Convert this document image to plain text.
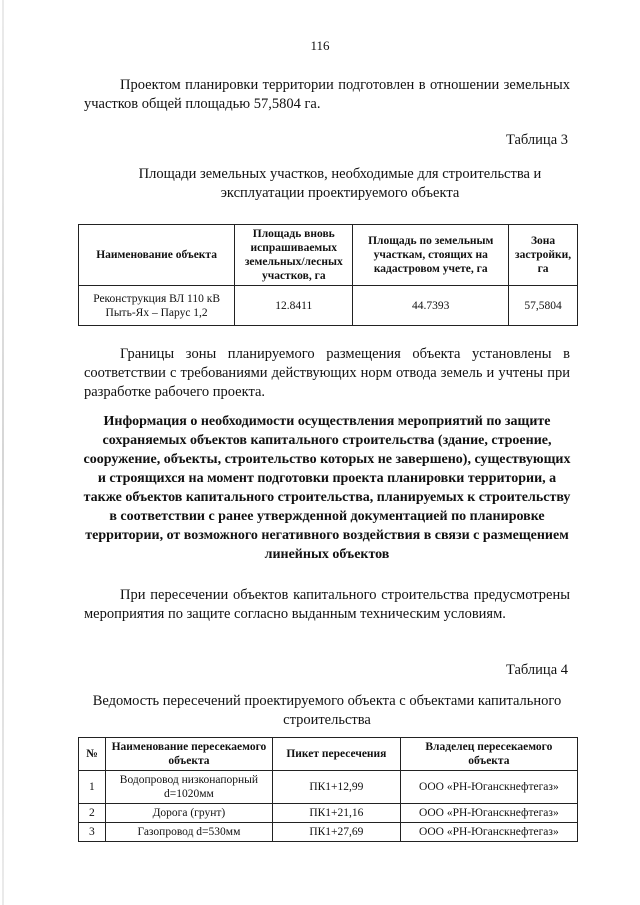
116
Проектом планировки территории подготовлен в отношении земельных участков общей площадью 57,5804 га.
Таблица 3
Площади земельных участков, необходимые для строительства и эксплуатации проектируемого объекта
Наименование объекта	Площадь вновь испрашиваемых земельных/лесных участков, га	Площадь по земельным участкам, стоящих на кадастровом учете, га	Зона застройки, га
Реконструкция ВЛ 110 кВ Пыть-Ях – Парус 1,2	12.8411	44.7393	57,5804
Границы зоны планируемого размещения объекта установлены в соответствии с требованиями действующих норм отвода земель и учтены при разработке рабочего проекта.
Информация о необходимости осуществления мероприятий по защите сохраняемых объектов капитального строительства (здание, строение, сооружение, объекты, строительство которых не завершено), существующих и строящихся на момент подготовки проекта планировки территории, а также объектов капитального строительства, планируемых к строительству в соответствии с ранее утвержденной документацией по планировке территории, от возможного негативного воздействия в связи с размещением линейных объектов
При пересечении объектов капитального строительства предусмотрены мероприятия по защите согласно выданным техническим условиям.
Таблица 4
Ведомость пересечений проектируемого объекта с объектами капитального строительства
№	Наименование пересекаемого объекта	Пикет пересечения	Владелец пересекаемого объекта
1	Водопровод низконапорный d=1020мм	ПК1+12,99	ООО «РН-Юганскнефтегаз»
2	Дорога (грунт)	ПК1+21,16	ООО «РН-Юганскнефтегаз»
3	Газопровод d=530мм	ПК1+27,69	ООО «РН-Юганскнефтегаз»
